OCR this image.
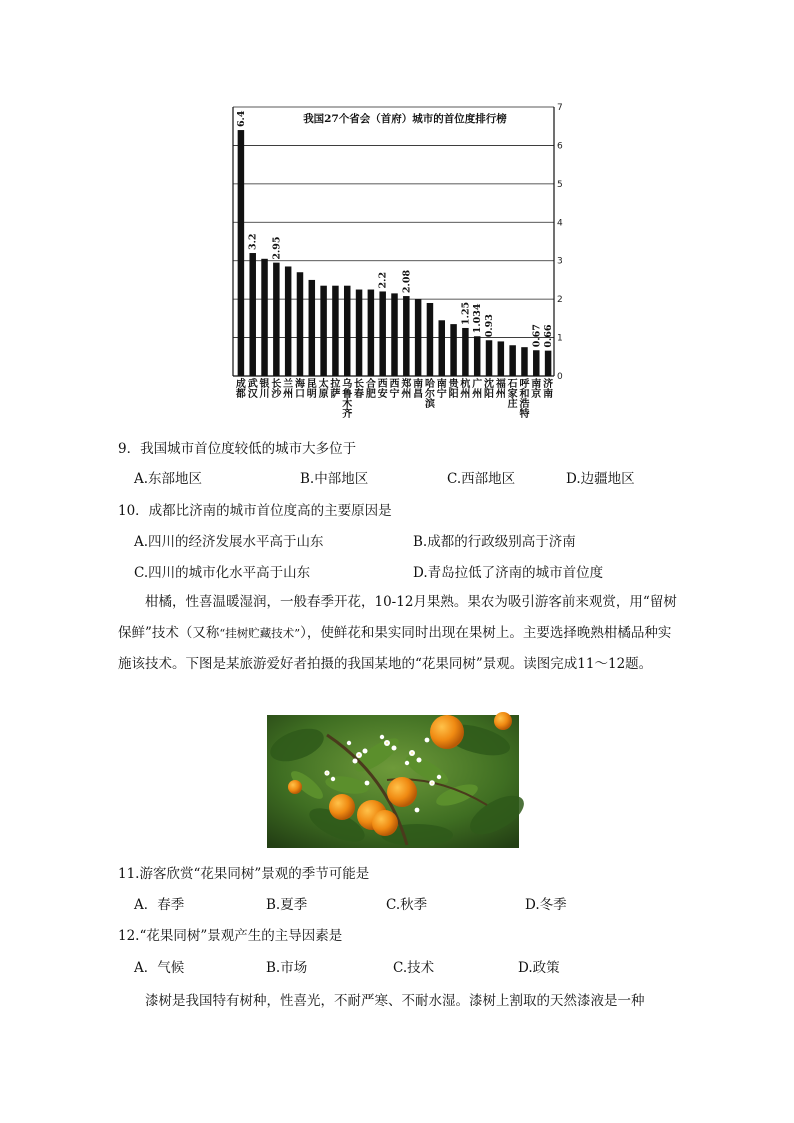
0
1
2
3
4
5
6
7
我国27个省会（首府）城市的首位度排行榜
成都
武汉
银川
长沙
兰州
海口
昆明
太原
拉萨
乌鲁木齐
长春
合肥
西安
西宁
郑州
南昌
哈尔滨
南宁
贵阳
杭州
广州
沈阳
福州
石家庄
呼和浩特
南京
济南
6.4
3.2 2.95
2.2 2.08
1.25 1.034 0.93	0.67 0.66
9．我国城市首位度较低的城市大多位于
A.东部地区	B.中部地区	C.西部地区	D.边疆地区
10．成都比济南的城市首位度高的主要原因是
A.四川的经济发展水平高于山东	B.成都的行政级别高于济南
C.四川的城市化水平高于山东	D.青岛拉低了济南的城市首位度
柑橘，性喜温暖湿润，一般春季开花，10-12月果熟。果农为吸引游客前来观赏，用“留树保鲜”技术（又称“挂树贮藏技术”），使鲜花和果实同时出现在果树上。主要选择晚熟柑橘品种实施该技术。下图是某旅游爱好者拍摄的我国某地的“花果同树”景观。读图完成11～12题。
11.游客欣赏“花果同树”景观的季节可能是
A．春季	B.夏季	C.秋季	D.冬季
12.“花果同树”景观产生的主导因素是
A．气候	B.市场	C.技术	D.政策
漆树是我国特有树种，性喜光，不耐严寒、不耐水湿。漆树上割取的天然漆液是一种
